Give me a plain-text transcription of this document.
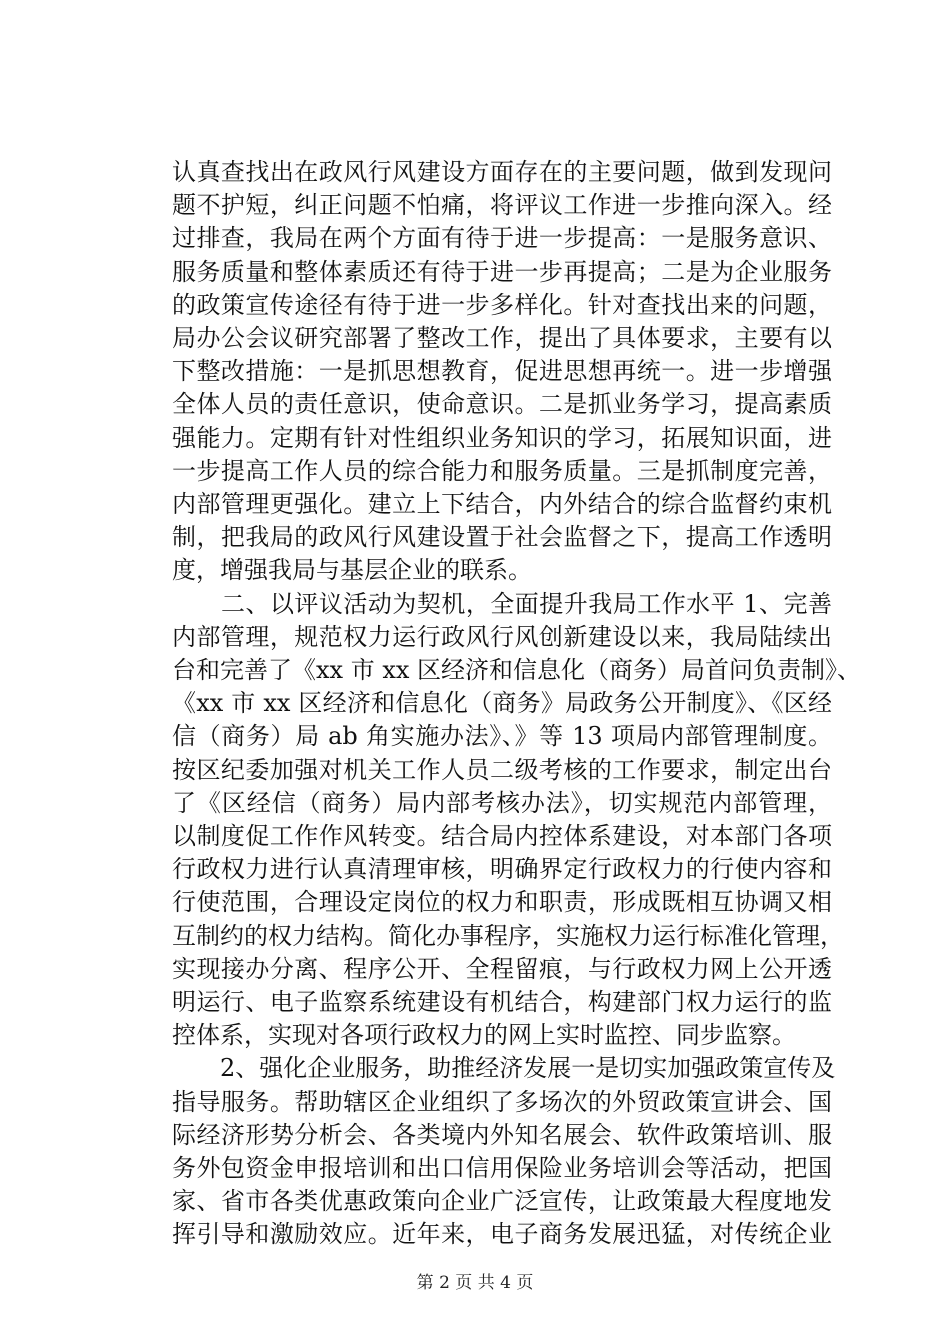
认真查找出在政风行风建设方面存在的主要问题，做到发现问
题不护短，纠正问题不怕痛，将评议工作进一步推向深入。经
过排查，我局在两个方面有待于进一步提高：一是服务意识、
服务质量和整体素质还有待于进一步再提高；二是为企业服务
的政策宣传途径有待于进一步多样化。针对查找出来的问题，
局办公会议研究部署了整改工作，提出了具体要求，主要有以
下整改措施：一是抓思想教育，促进思想再统一。进一步增强
全体人员的责任意识，使命意识。二是抓业务学习，提高素质
强能力。定期有针对性组织业务知识的学习，拓展知识面，进
一步提高工作人员的综合能力和服务质量。三是抓制度完善，
内部管理更强化。建立上下结合，内外结合的综合监督约束机
制，把我局的政风行风建设置于社会监督之下，提高工作透明
度，增强我局与基层企业的联系。
　　二、以评议活动为契机，全面提升我局工作水平 1、完善
内部管理，规范权力运行政风行风创新建设以来，我局陆续出
台和完善了《xx 市 xx 区经济和信息化（商务）局首问负责制》、
《xx 市 xx 区经济和信息化（商务》局政务公开制度》、《区经
信（商务）局 ab 角实施办法》、》等 13 项局内部管理制度。
按区纪委加强对机关工作人员二级考核的工作要求，制定出台
了《区经信（商务）局内部考核办法》，切实规范内部管理，
以制度促工作作风转变。结合局内控体系建设，对本部门各项
行政权力进行认真清理审核，明确界定行政权力的行使内容和
行使范围，合理设定岗位的权力和职责，形成既相互协调又相
互制约的权力结构。简化办事程序，实施权力运行标准化管理，
实现接办分离、程序公开、全程留痕，与行政权力网上公开透
明运行、电子监察系统建设有机结合，构建部门权力运行的监
控体系，实现对各项行政权力的网上实时监控、同步监察。
　　2、强化企业服务，助推经济发展一是切实加强政策宣传及
指导服务。帮助辖区企业组织了多场次的外贸政策宣讲会、国
际经济形势分析会、各类境内外知名展会、软件政策培训、服
务外包资金申报培训和出口信用保险业务培训会等活动，把国
家、省市各类优惠政策向企业广泛宣传，让政策最大程度地发
挥引导和激励效应。近年来，电子商务发展迅猛，对传统企业
第 2 页 共 4 页
